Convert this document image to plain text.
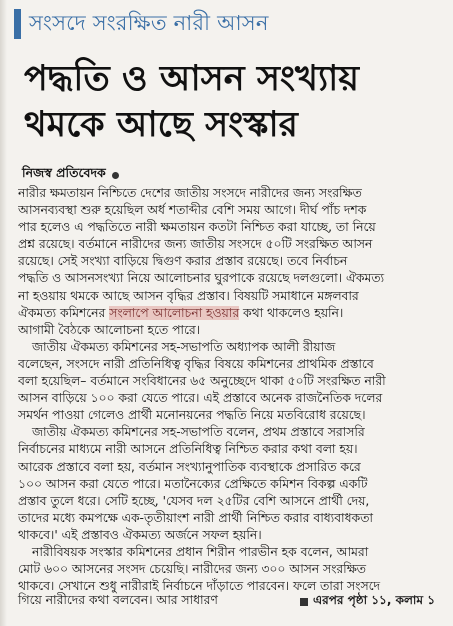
সংসদে সংরক্ষিত নারী আসন
পদ্ধতি ও আসন সংখ্যায়
থমকে আছে সংস্কার
নিজস্ব প্রতিবেদক
নারীর ক্ষমতায়ন নিশ্চিতে দেশের জাতীয় সংসদে নারীদের জন্য সংরক্ষিত
আসনব্যবস্থা শুরু হয়েছিল অর্ধ শতাব্দীর বেশি সময় আগে। দীর্ঘ পাঁচ দশক
পার হলেও এ পদ্ধতিতে নারী ক্ষমতায়ন কতটা নিশ্চিত করা যাচ্ছে, তা নিয়ে
প্রশ্ন রয়েছে। বর্তমানে নারীদের জন্য জাতীয় সংসদে ৫০টি সংরক্ষিত আসন
রয়েছে। সেই সংখ্যা বাড়িয়ে দ্বিগুণ করার প্রস্তাব রয়েছে। তবে নির্বাচন
পদ্ধতি ও আসনসংখ্যা নিয়ে আলোচনার ঘুরপাকে রয়েছে দলগুলো। ঐকমত্য
না হওয়ায় থমকে আছে আসন বৃদ্ধির প্রস্তাব। বিষয়টি সমাধানে মঙ্গলবার
ঐকমত্য কমিশনের সংলাপে আলোচনা হওয়ার কথা থাকলেও হয়নি।
আগামী বৈঠকে আলোচনা হতে পারে।
জাতীয় ঐকমত্য কমিশনের সহ-সভাপতি অধ্যাপক আলী রীয়াজ
বলেছেন, সংসদে নারী প্রতিনিধিত্ব বৃদ্ধির বিষয়ে কমিশনের প্রাথমিক প্রস্তাবে
বলা হয়েছিল– বর্তমানে সংবিধানের ৬৫ অনুচ্ছেদে থাকা ৫০টি সংরক্ষিত নারী
আসন বাড়িয়ে ১০০ করা যেতে পারে। এই প্রস্তাবে অনেক রাজনৈতিক দলের
সমর্থন পাওয়া গেলেও প্রার্থী মনোনয়নের পদ্ধতি নিয়ে মতবিরোধ রয়েছে।
জাতীয় ঐকমত্য কমিশনের সহ-সভাপতি বলেন, প্রথম প্রস্তাবে সরাসরি
নির্বাচনের মাধ্যমে নারী আসনে প্রতিনিধিত্ব নিশ্চিত করার কথা বলা হয়।
আরেক প্রস্তাবে বলা হয়, বর্তমান সংখ্যানুপাতিক ব্যবস্থাকে প্রসারিত করে
১০০ আসন করা যেতে পারে। মতানৈক্যের প্রেক্ষিতে কমিশন বিকল্প একটি
প্রস্তাব তুলে ধরে। সেটি হচ্ছে, 'যেসব দল ২৫টির বেশি আসনে প্রার্থী দেয়,
তাদের মধ্যে কমপক্ষে এক-তৃতীয়াংশ নারী প্রার্থী নিশ্চিত করার বাধ্যবাধকতা
থাকবে।' এই প্রস্তাবও ঐকমত্য অর্জনে সফল হয়নি।
নারীবিষয়ক সংস্কার কমিশনের প্রধান শিরীন পারভীন হক বলেন, আমরা
মোট ৬০০ আসনের সংসদ চেয়েছি। নারীদের জন্য ৩০০ আসন সংরক্ষিত
থাকবে। সেখানে শুধু নারীরাই নির্বাচনে দাঁড়াতে পারবেন। ফলে তারা সংসদে
গিয়ে নারীদের কথা বলবেন। আর সাধারণ	এরপর পৃষ্ঠা ১১, কলাম ১
